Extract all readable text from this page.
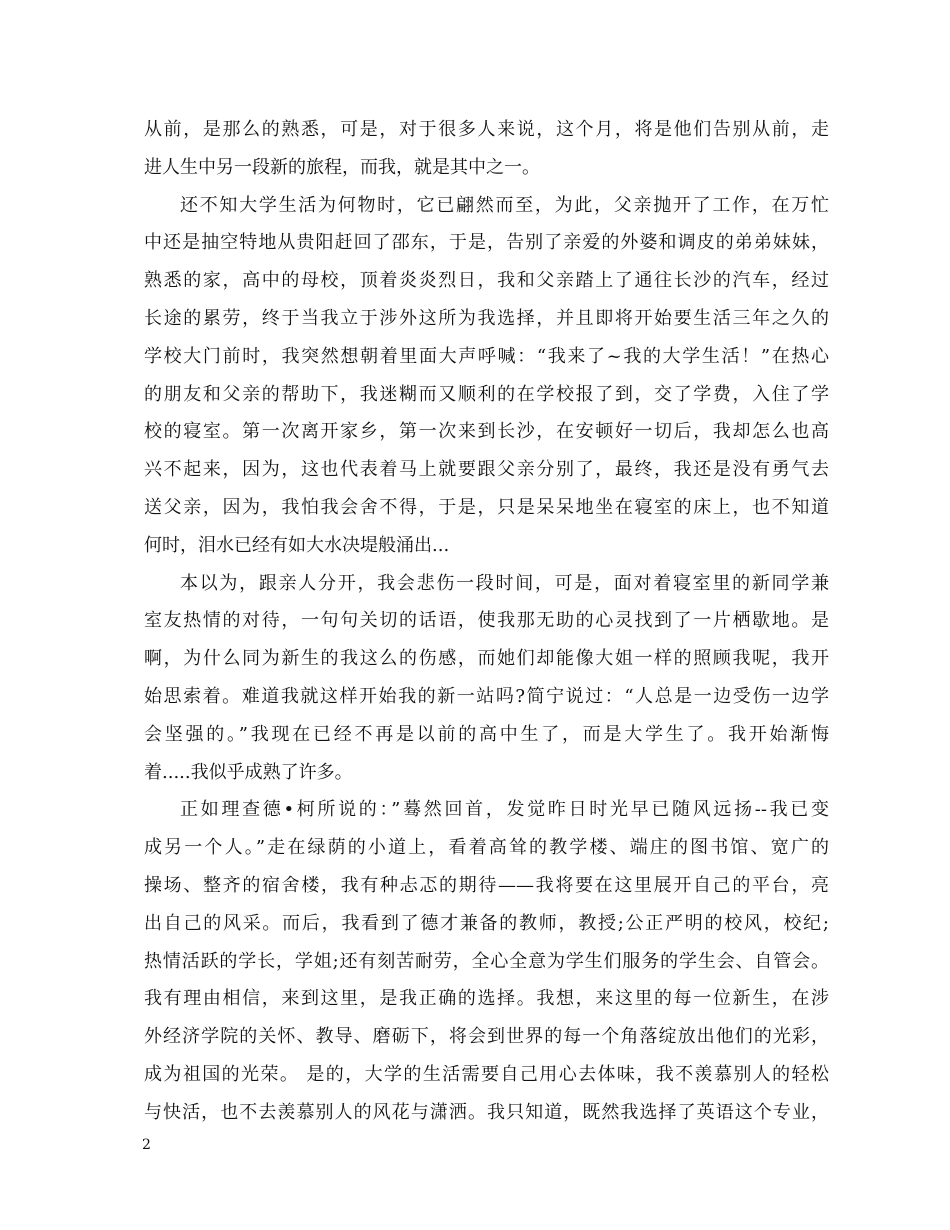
从前，是那么的熟悉，可是，对于很多人来说，这个月，将是他们告别从前，走
进人生中另一段新的旅程，而我，就是其中之一。
还不知大学生活为何物时，它已翩然而至，为此，父亲抛开了工作，在万忙
中还是抽空特地从贵阳赶回了邵东，于是，告别了亲爱的外婆和调皮的弟弟妹妹，
熟悉的家，高中的母校，顶着炎炎烈日，我和父亲踏上了通往长沙的汽车，经过
长途的累劳，终于当我立于涉外这所为我选择，并且即将开始要生活三年之久的
学校大门前时，我突然想朝着里面大声呼喊：“我来了~我的大学生活！”在热心
的朋友和父亲的帮助下，我迷糊而又顺利的在学校报了到，交了学费，入住了学
校的寝室。第一次离开家乡，第一次来到长沙，在安顿好一切后，我却怎么也高
兴不起来，因为，这也代表着马上就要跟父亲分别了，最终，我还是没有勇气去
送父亲，因为，我怕我会舍不得，于是，只是呆呆地坐在寝室的床上，也不知道
何时，泪水已经有如大水决堤般涌出...
本以为，跟亲人分开，我会悲伤一段时间，可是，面对着寝室里的新同学兼
室友热情的对待，一句句关切的话语，使我那无助的心灵找到了一片栖歇地。是
啊，为什么同为新生的我这么的伤感，而她们却能像大姐一样的照顾我呢，我开
始思索着。难道我就这样开始我的新一站吗?简宁说过：“人总是一边受伤一边学
会坚强的。”我现在已经不再是以前的高中生了，而是大学生了。我开始渐悔
着.....我似乎成熟了许多。
正如理查德•柯所说的：”蓦然回首，发觉昨日时光早已随风远扬--我已变
成另一个人。”走在绿荫的小道上，看着高耸的教学楼、端庄的图书馆、宽广的
操场、整齐的宿舍楼，我有种忐忑的期待——我将要在这里展开自己的平台，亮
出自己的风采。而后，我看到了德才兼备的教师，教授;公正严明的校风，校纪;
热情活跃的学长，学姐;还有刻苦耐劳，全心全意为学生们服务的学生会、自管会。
我有理由相信，来到这里，是我正确的选择。我想，来这里的每一位新生，在涉
外经济学院的关怀、教导、磨砺下，将会到世界的每一个角落绽放出他们的光彩，
成为祖国的光荣。 是的，大学的生活需要自己用心去体味，我不羡慕别人的轻松
与快活，也不去羡慕别人的风花与潇洒。我只知道，既然我选择了英语这个专业，
2
